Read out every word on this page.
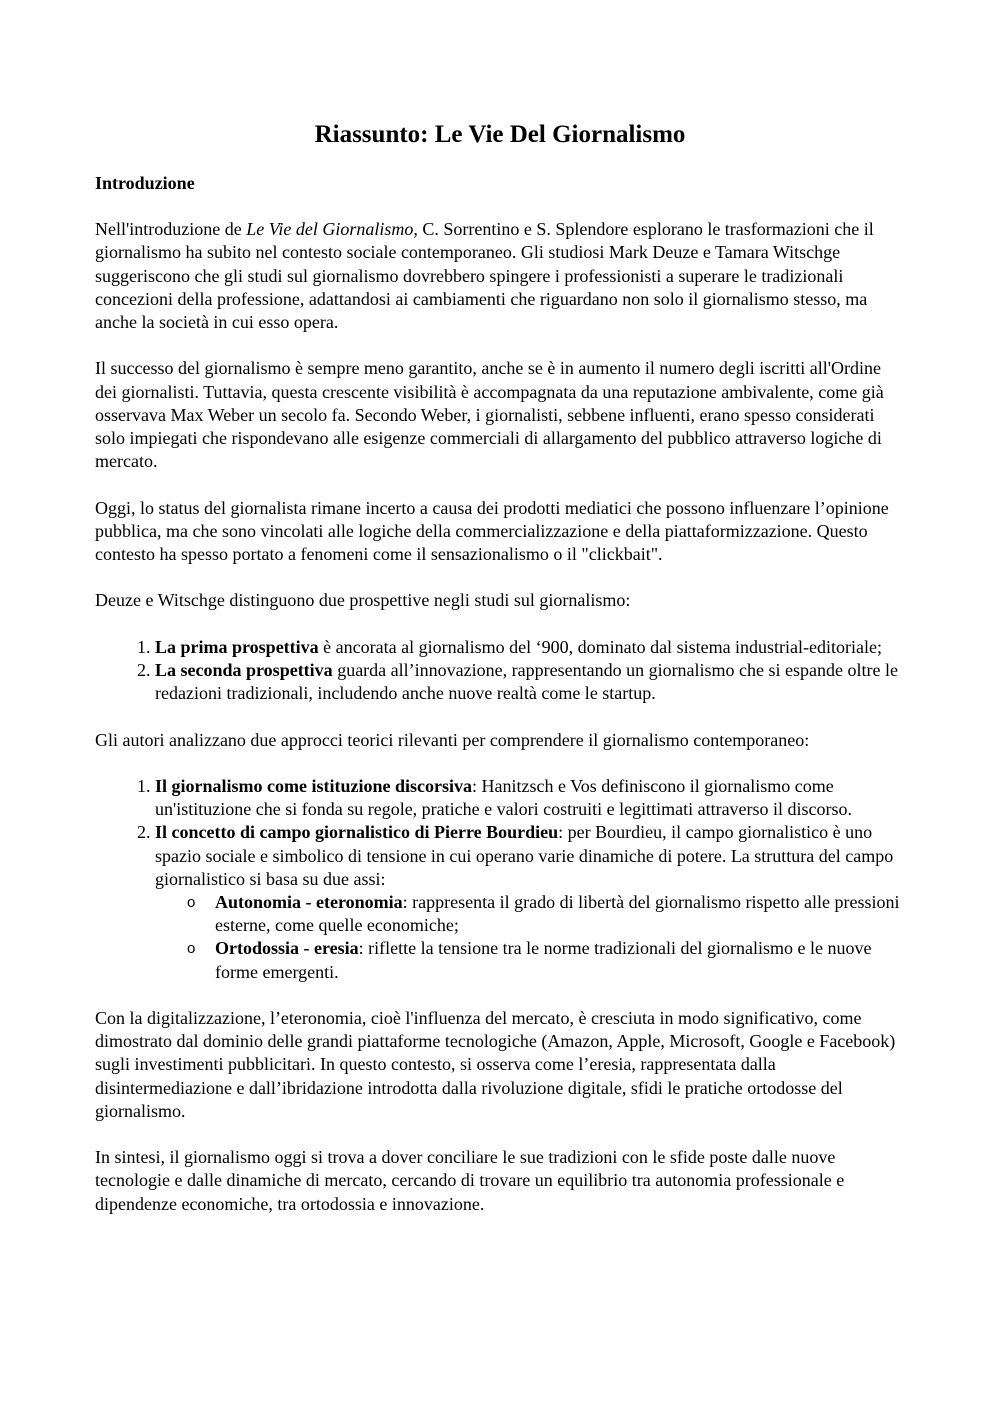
Riassunto: Le Vie Del Giornalismo
Introduzione

Nell'introduzione de Le Vie del Giornalismo, C. Sorrentino e S. Splendore esplorano le trasformazioni che il giornalismo ha subito nel contesto sociale contemporaneo. Gli studiosi Mark Deuze e Tamara Witschge suggeriscono che gli studi sul giornalismo dovrebbero spingere i professionisti a superare le tradizionali concezioni della professione, adattandosi ai cambiamenti che riguardano non solo il giornalismo stesso, ma anche la società in cui esso opera.

Il successo del giornalismo è sempre meno garantito, anche se è in aumento il numero degli iscritti all'Ordine dei giornalisti. Tuttavia, questa crescente visibilità è accompagnata da una reputazione ambivalente, come già osservava Max Weber un secolo fa. Secondo Weber, i giornalisti, sebbene influenti, erano spesso considerati solo impiegati che rispondevano alle esigenze commerciali di allargamento del pubblico attraverso logiche di mercato.

Oggi, lo status del giornalista rimane incerto a causa dei prodotti mediatici che possono influenzare l’opinione pubblica, ma che sono vincolati alle logiche della commercializzazione e della piattaformizzazione. Questo contesto ha spesso portato a fenomeni come il sensazionalismo o il "clickbait".

Deuze e Witschge distinguono due prospettive negli studi sul giornalismo:

1. La prima prospettiva è ancorata al giornalismo del ‘900, dominato dal sistema industrial-editoriale;
2. La seconda prospettiva guarda all’innovazione, rappresentando un giornalismo che si espande oltre le redazioni tradizionali, includendo anche nuove realtà come le startup.

Gli autori analizzano due approcci teorici rilevanti per comprendere il giornalismo contemporaneo:

1. Il giornalismo come istituzione discorsiva: Hanitzsch e Vos definiscono il giornalismo come un'istituzione che si fonda su regole, pratiche e valori costruiti e legittimati attraverso il discorso.
2. Il concetto di campo giornalistico di Pierre Bourdieu: per Bourdieu, il campo giornalistico è uno spazio sociale e simbolico di tensione in cui operano varie dinamiche di potere. La struttura del campo giornalistico si basa su due assi:
o Autonomia - eteronomia: rappresenta il grado di libertà del giornalismo rispetto alle pressioni esterne, come quelle economiche;
o Ortodossia - eresia: riflette la tensione tra le norme tradizionali del giornalismo e le nuove forme emergenti.

Con la digitalizzazione, l’eteronomia, cioè l'influenza del mercato, è cresciuta in modo significativo, come dimostrato dal dominio delle grandi piattaforme tecnologiche (Amazon, Apple, Microsoft, Google e Facebook) sugli investimenti pubblicitari. In questo contesto, si osserva come l’eresia, rappresentata dalla disintermediazione e dall’ibridazione introdotta dalla rivoluzione digitale, sfidi le pratiche ortodosse del giornalismo.

In sintesi, il giornalismo oggi si trova a dover conciliare le sue tradizioni con le sfide poste dalle nuove tecnologie e dalle dinamiche di mercato, cercando di trovare un equilibrio tra autonomia professionale e dipendenze economiche, tra ortodossia e innovazione.
